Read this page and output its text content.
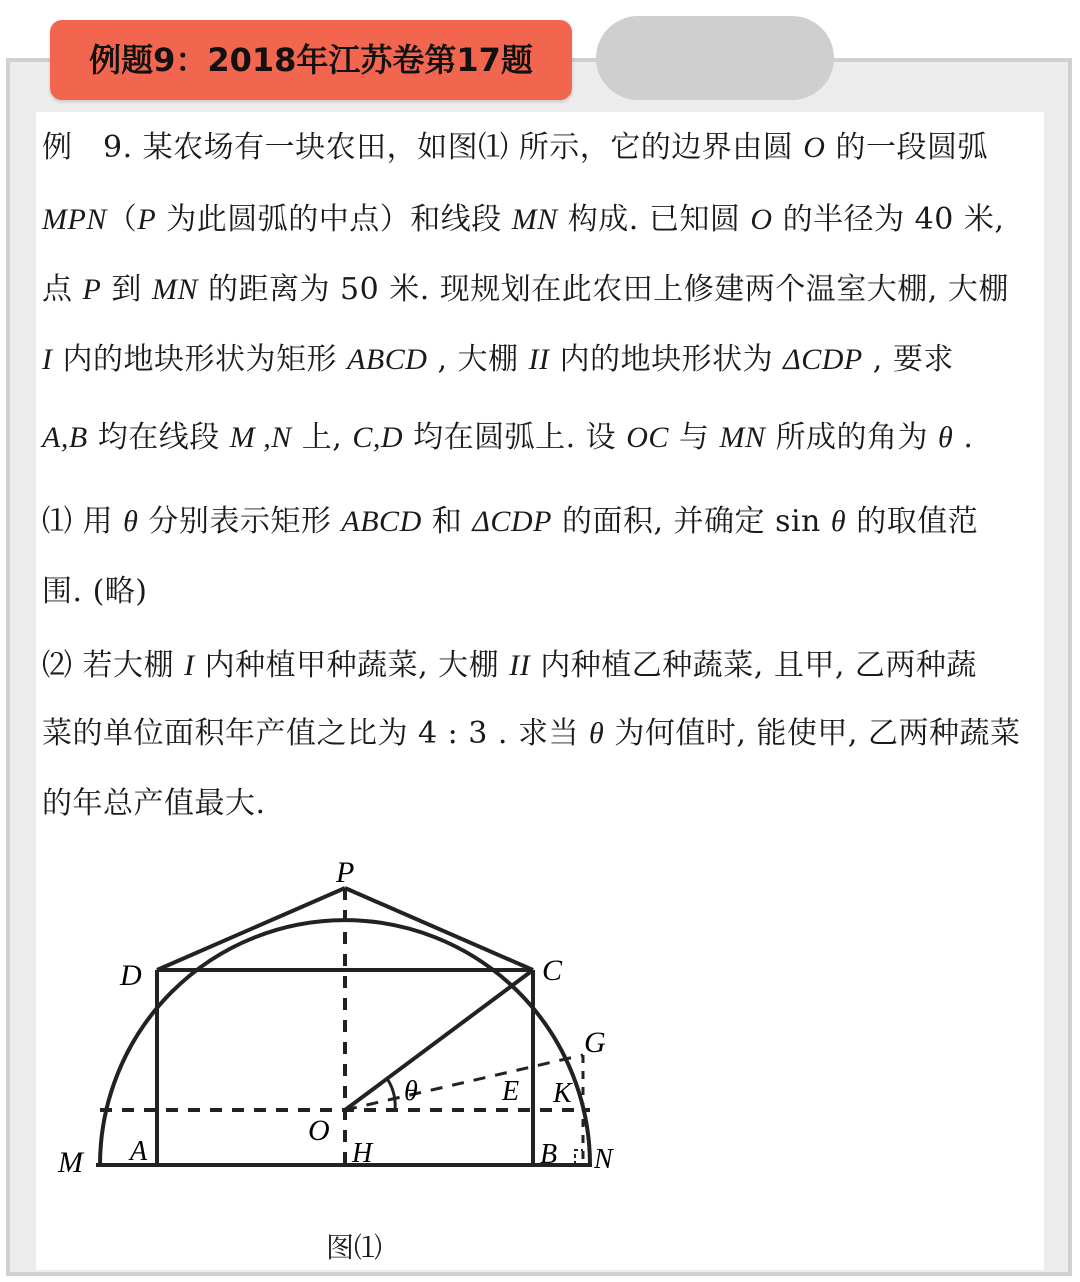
例题9：2018年江苏卷第17题
例　9. 某农场有一块农田，如图⑴ 所示，它的边界由圆 O 的一段圆弧
MPN（P 为此圆弧的中点）和线段 MN 构成. 已知圆 O 的半径为 40 米,
点 P 到 MN 的距离为 50 米. 现规划在此农田上修建两个温室大棚, 大棚
I 内的地块形状为矩形 ABCD , 大棚 II 内的地块形状为 ΔCDP , 要求
A,B 均在线段 M ,N 上, C,D 均在圆弧上. 设 OC 与 MN 所成的角为 θ .
⑴ 用 θ 分别表示矩形 ABCD 和 ΔCDP 的面积, 并确定 sin θ 的取值范
围. (略)
⑵ 若大棚 I 内种植甲种蔬菜, 大棚 II 内种植乙种蔬菜, 且甲, 乙两种蔬
菜的单位面积年产值之比为 4 : 3 . 求当 θ 为何值时, 能使甲, 乙两种蔬菜
的年总产值最大.
P
D	C
G
E K
O
H
M A	B N
θ
图⑴
